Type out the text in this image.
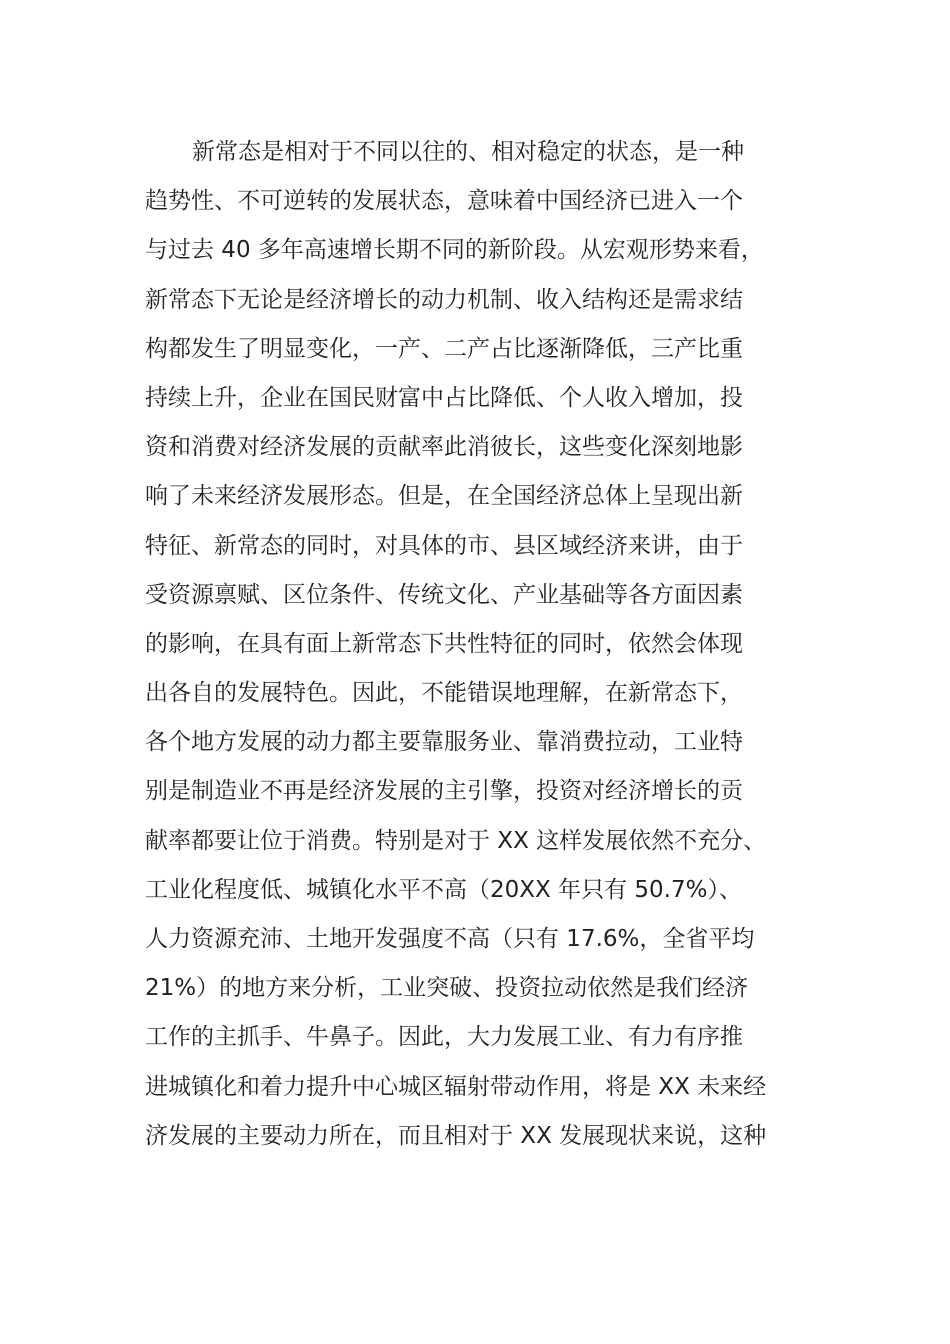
新常态是相对于不同以往的、相对稳定的状态，是一种
趋势性、不可逆转的发展状态，意味着中国经济已进入一个
与过去 40 多年高速增长期不同的新阶段。从宏观形势来看，
新常态下无论是经济增长的动力机制、收入结构还是需求结
构都发生了明显变化，一产、二产占比逐渐降低，三产比重
持续上升，企业在国民财富中占比降低、个人收入增加，投
资和消费对经济发展的贡献率此消彼长，这些变化深刻地影
响了未来经济发展形态。但是，在全国经济总体上呈现出新
特征、新常态的同时，对具体的市、县区域经济来讲，由于
受资源禀赋、区位条件、传统文化、产业基础等各方面因素
的影响，在具有面上新常态下共性特征的同时，依然会体现
出各自的发展特色。因此，不能错误地理解，在新常态下，
各个地方发展的动力都主要靠服务业、靠消费拉动，工业特
别是制造业不再是经济发展的主引擎，投资对经济增长的贡
献率都要让位于消费。特别是对于 XX 这样发展依然不充分、
工业化程度低、城镇化水平不高（20XX 年只有 50.7%）、
人力资源充沛、土地开发强度不高（只有 17.6%，全省平均
21%）的地方来分析，工业突破、投资拉动依然是我们经济
工作的主抓手、牛鼻子。因此，大力发展工业、有力有序推
进城镇化和着力提升中心城区辐射带动作用，将是 XX 未来经
济发展的主要动力所在，而且相对于 XX 发展现状来说，这种
